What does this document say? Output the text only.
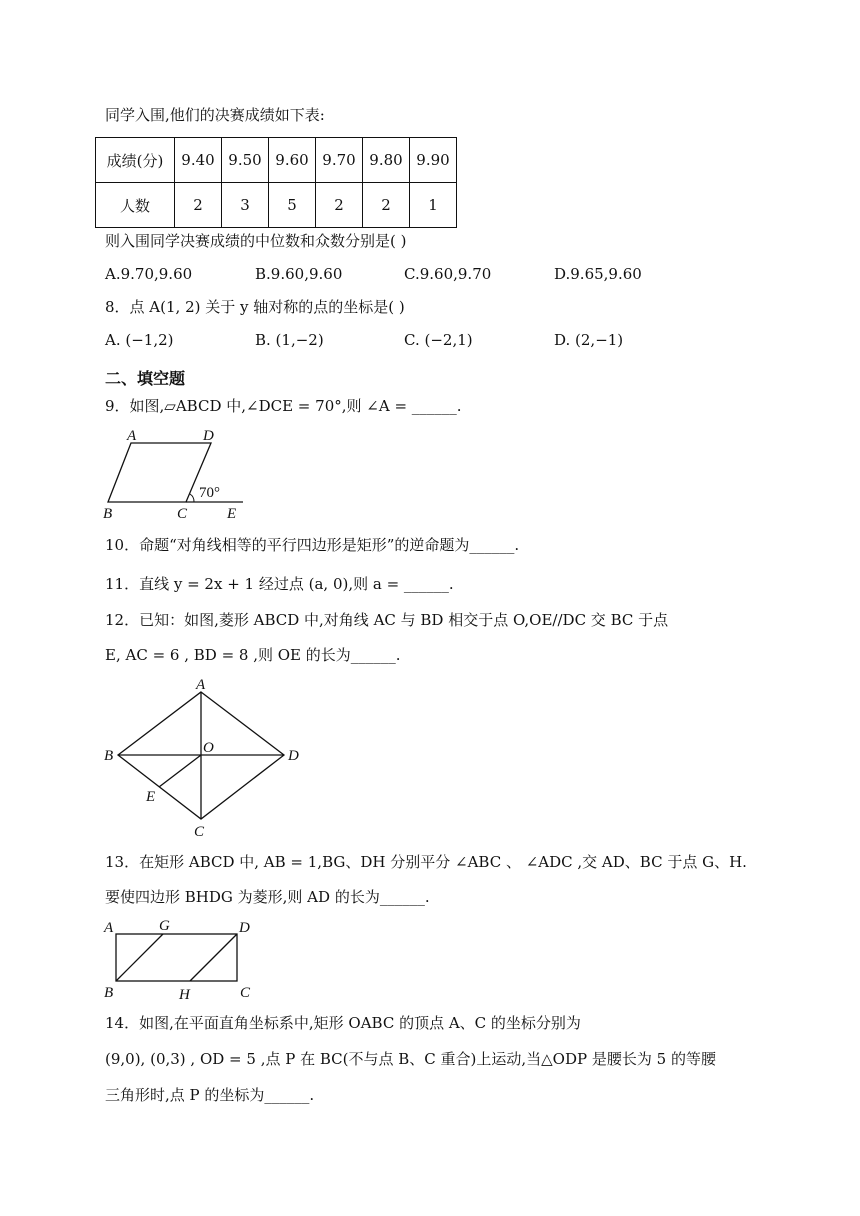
同学入围,他们的决赛成绩如下表:
成绩(分)	9.40	9.50	9.60	9.70	9.80	9.90
人数	2	3	5	2	2	1
则入围同学决赛成绩的中位数和众数分别是( )
A.9.70,9.60	B.9.60,9.60	C.9.60,9.70	D.9.65,9.60
8．点 A(1, 2) 关于 y 轴对称的点的坐标是( )
A. (−1,2)	B. (1,−2)	C. (−2,1)	D. (2,−1)
二、填空题
9．如图,▱ABCD 中,∠DCE = 70°,则 ∠A = ______.
A	D
B	C	E
70°
10．命题“对角线相等的平行四边形是矩形”的逆命题为______.
11．直线 y = 2x + 1 经过点 (a, 0),则 a = ______.
12．已知：如图,菱形 ABCD 中,对角线 AC 与 BD 相交于点 O,OE//DC 交 BC 于点
E, AC = 6 , BD = 8 ,则 OE 的长为______.
A
B
C
D
O
E
13．在矩形 ABCD 中, AB = 1,BG、DH 分别平分 ∠ABC 、 ∠ADC ,交 AD、BC 于点 G、H.
要使四边形 BHDG 为菱形,则 AD 的长为______.
A	G	D
B	H	C
14．如图,在平面直角坐标系中,矩形 OABC 的顶点 A、C 的坐标分别为
(9,0), (0,3) , OD = 5 ,点 P 在 BC(不与点 B、C 重合)上运动,当△ODP 是腰长为 5 的等腰
三角形时,点 P 的坐标为______.
